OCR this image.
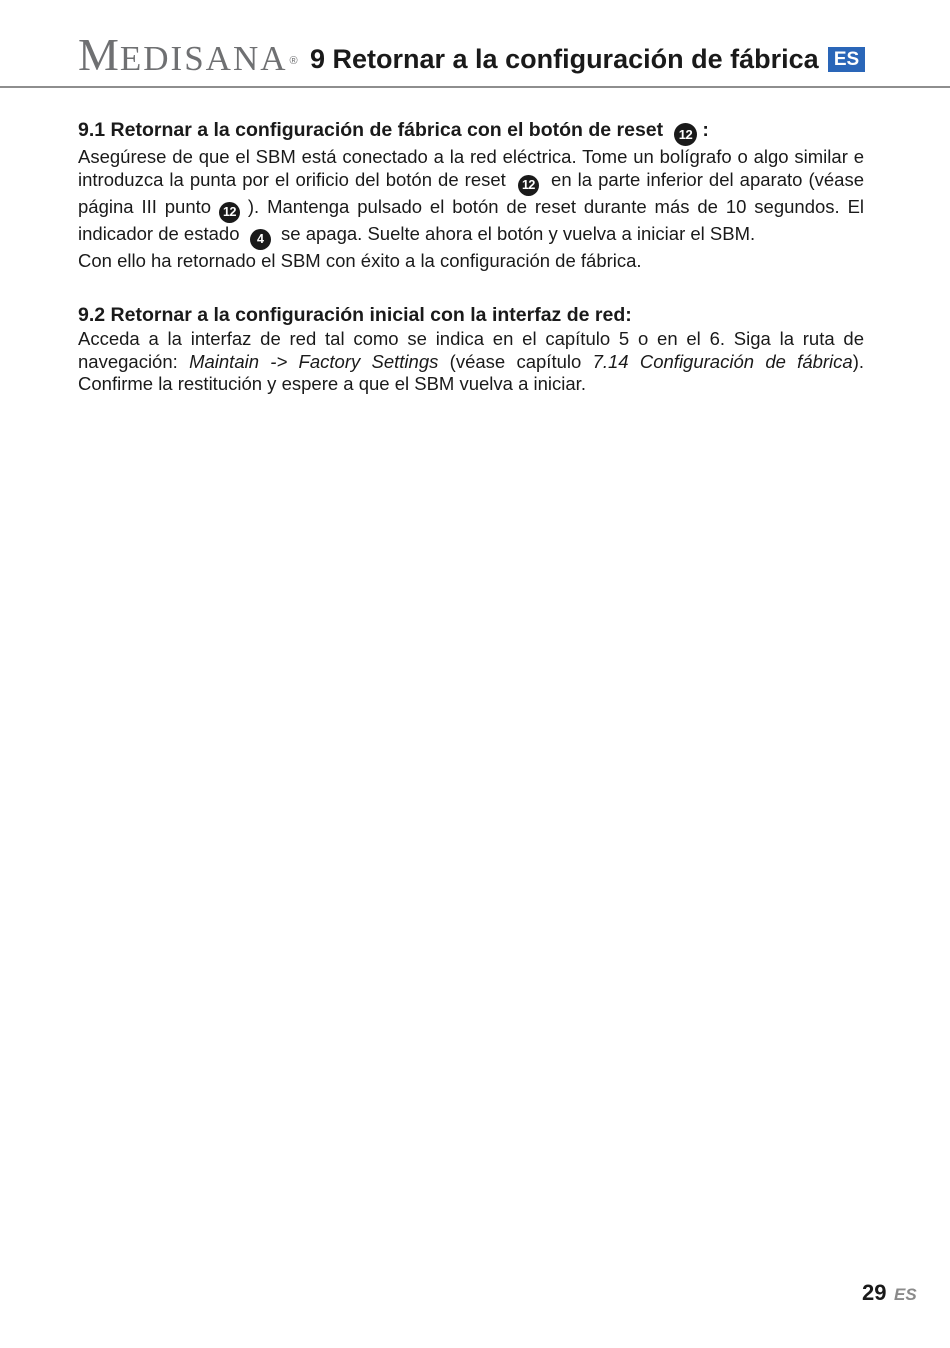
MEDISANA ® 9 Retornar a la configuración de fábrica ES
9.1 Retornar a la configuración de fábrica con el botón de reset 12 :

Asegúrese de que el SBM está conectado a la red eléctrica. Tome un bolígrafo o algo similar e introduzca la punta por el orificio del botón de reset 12 en la parte inferior del aparato (véase página III punto 12 ). Mantenga pulsado el botón de reset durante más de 10 segundos. El indicador de estado 4 se apaga. Suelte ahora el botón y vuelva a iniciar el SBM.

Con ello ha retornado el SBM con éxito a la configuración de fábrica.

9.2 Retornar a la configuración inicial con la interfaz de red:

Acceda a la interfaz de red tal como se indica en el capítulo 5 o en el 6. Siga la ruta de navegación: Maintain -> Factory Settings (véase capítulo 7.14 Configuración de fábrica). Confirme la restitución y espere a que el SBM vuelva a iniciar.

29 ES
